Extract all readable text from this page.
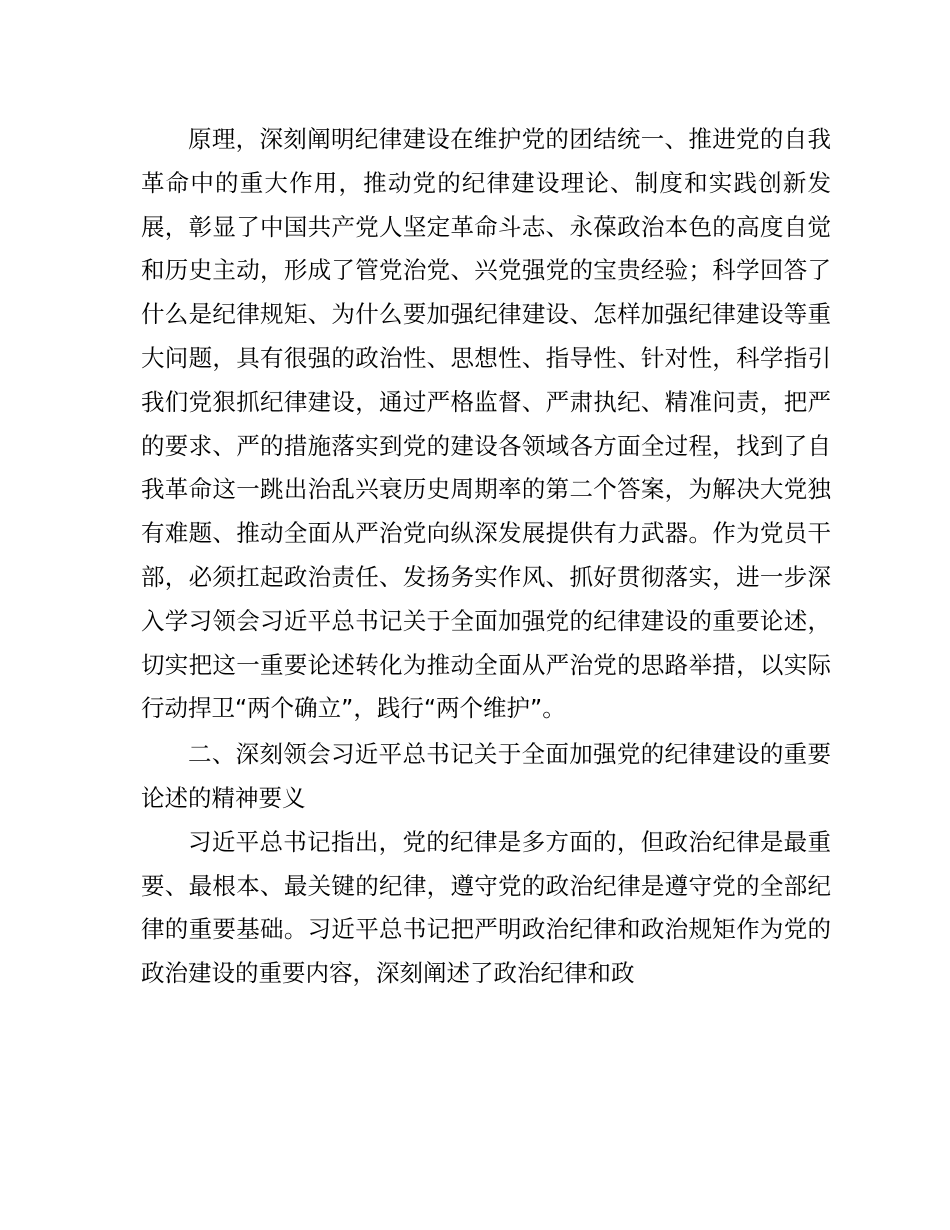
原理，深刻阐明纪律建设在维护党的团结统一、推进党的自我革命中的重大作用，推动党的纪律建设理论、制度和实践创新发展，彰显了中国共产党人坚定革命斗志、永葆政治本色的高度自觉和历史主动，形成了管党治党、兴党强党的宝贵经验；科学回答了什么是纪律规矩、为什么要加强纪律建设、怎样加强纪律建设等重大问题，具有很强的政治性、思想性、指导性、针对性，科学指引我们党狠抓纪律建设，通过严格监督、严肃执纪、精准问责，把严的要求、严的措施落实到党的建设各领域各方面全过程，找到了自我革命这一跳出治乱兴衰历史周期率的第二个答案，为解决大党独有难题、推动全面从严治党向纵深发展提供有力武器。作为党员干部，必须扛起政治责任、发扬务实作风、抓好贯彻落实，进一步深入学习领会习近平总书记关于全面加强党的纪律建设的重要论述，切实把这一重要论述转化为推动全面从严治党的思路举措，以实际行动捍卫“两个确立”，践行“两个维护”。

二、深刻领会习近平总书记关于全面加强党的纪律建设的重要论述的精神要义

习近平总书记指出，党的纪律是多方面的，但政治纪律是最重要、最根本、最关键的纪律，遵守党的政治纪律是遵守党的全部纪律的重要基础。习近平总书记把严明政治纪律和政治规矩作为党的政治建设的重要内容，深刻阐述了政治纪律和政
